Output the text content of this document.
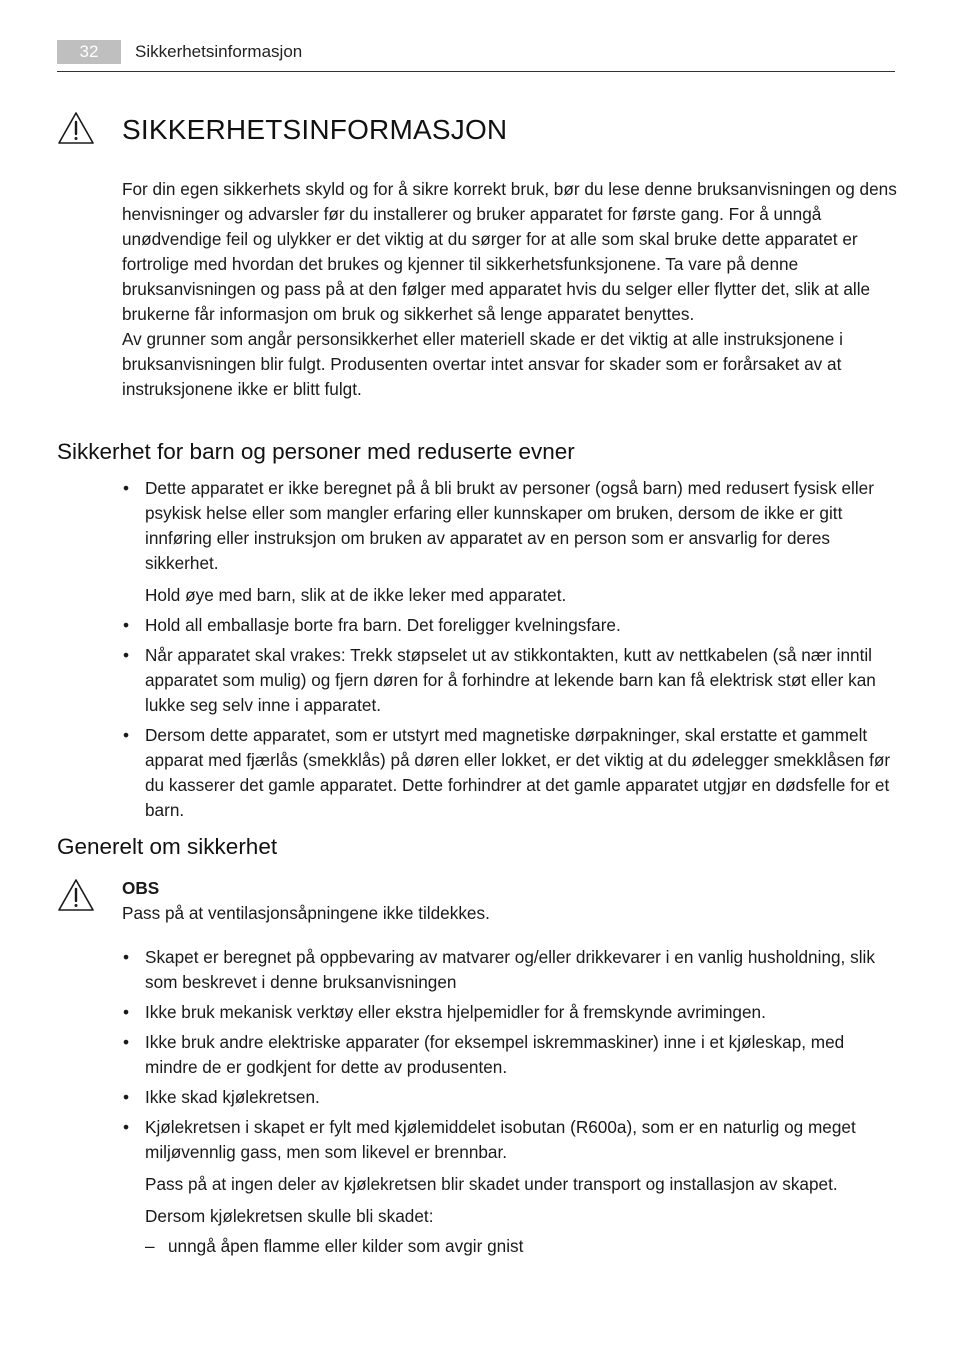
32	Sikkerhetsinformasjon
SIKKERHETSINFORMASJON

For din egen sikkerhets skyld og for å sikre korrekt bruk, bør du lese denne bruksanvisningen og dens henvisninger og advarsler før du installerer og bruker apparatet for første gang. For å unngå unødvendige feil og ulykker er det viktig at du sørger for at alle som skal bruke dette apparatet er fortrolige med hvordan det brukes og kjenner til sikkerhetsfunksjonene. Ta vare på denne bruksanvisningen og pass på at den følger med apparatet hvis du selger eller flytter det, slik at alle brukerne får informasjon om bruk og sikkerhet så lenge apparatet benyttes.

Av grunner som angår personsikkerhet eller materiell skade er det viktig at alle instruksjonene i bruksanvisningen blir fulgt. Produsenten overtar intet ansvar for skader som er forårsaket av at instruksjonene ikke er blitt fulgt.

Sikkerhet for barn og personer med reduserte evner
• Dette apparatet er ikke beregnet på å bli brukt av personer (også barn) med redusert fysisk eller psykisk helse eller som mangler erfaring eller kunnskaper om bruken, dersom de ikke er gitt innføring eller instruksjon om bruken av apparatet av en person som er ansvarlig for deres sikkerhet.
Hold øye med barn, slik at de ikke leker med apparatet.
• Hold all emballasje borte fra barn. Det foreligger kvelningsfare.
• Når apparatet skal vrakes: Trekk støpselet ut av stikkontakten, kutt av nettkabelen (så nær inntil apparatet som mulig) og fjern døren for å forhindre at lekende barn kan få elektrisk støt eller kan lukke seg selv inne i apparatet.
• Dersom dette apparatet, som er utstyrt med magnetiske dørpakninger, skal erstatte et gammelt apparat med fjærlås (smekklås) på døren eller lokket, er det viktig at du ødelegger smekklåsen før du kasserer det gamle apparatet. Dette forhindrer at det gamle apparatet utgjør en dødsfelle for et barn.
Generelt om sikkerhet
OBS
Pass på at ventilasjonsåpningene ikke tildekkes.
• Skapet er beregnet på oppbevaring av matvarer og/eller drikkevarer i en vanlig husholdning, slik som beskrevet i denne bruksanvisningen
• Ikke bruk mekanisk verktøy eller ekstra hjelpemidler for å fremskynde avrimingen.
• Ikke bruk andre elektriske apparater (for eksempel iskremmaskiner) inne i et kjøleskap, med mindre de er godkjent for dette av produsenten.
• Ikke skad kjølekretsen.
• Kjølekretsen i skapet er fylt med kjølemiddelet isobutan (R600a), som er en naturlig og meget miljøvennlig gass, men som likevel er brennbar.
Pass på at ingen deler av kjølekretsen blir skadet under transport og installasjon av skapet.
Dersom kjølekretsen skulle bli skadet:
– unngå åpen flamme eller kilder som avgir gnist
